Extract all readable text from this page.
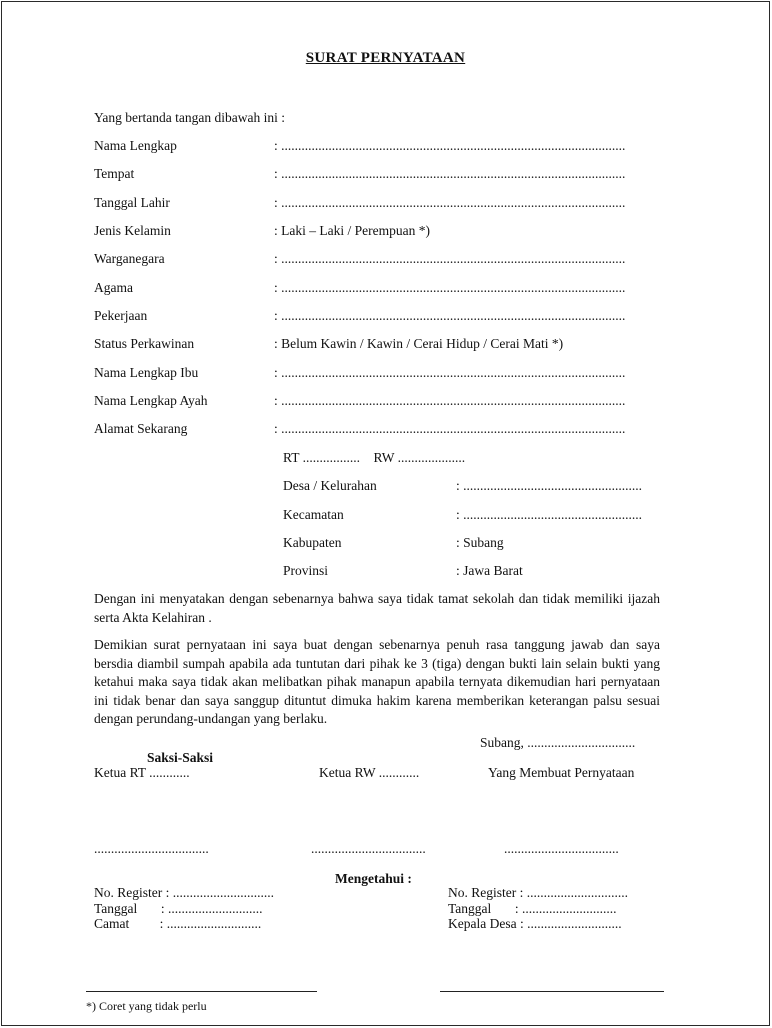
SURAT PERNYATAAN
Yang bertanda tangan dibawah ini :
Nama Lengkap	: ......................................................................................................
Tempat	: ......................................................................................................
Tanggal Lahir	: ......................................................................................................
Jenis Kelamin	: Laki – Laki / Perempuan *)
Warganegara	: ......................................................................................................
Agama	: ......................................................................................................
Pekerjaan	: ......................................................................................................
Status Perkawinan	: Belum Kawin / Kawin / Cerai Hidup / Cerai Mati *)
Nama Lengkap Ibu	: ......................................................................................................
Nama Lengkap Ayah	: ......................................................................................................
Alamat Sekarang	: ......................................................................................................
RT .................    RW ....................
Desa / Kelurahan	: .....................................................
Kecamatan	: .....................................................
Kabupaten	: Subang
Provinsi	: Jawa Barat
Dengan ini menyatakan dengan sebenarnya bahwa saya tidak tamat sekolah dan tidak memiliki ijazah serta Akta Kelahiran .
Demikian surat pernyataan ini saya buat dengan sebenarnya penuh rasa tanggung jawab dan saya bersdia diambil sumpah apabila ada tuntutan dari pihak ke 3 (tiga) dengan bukti lain selain bukti yang ketahui maka saya tidak akan melibatkan pihak manapun apabila ternyata dikemudian hari pernyataan ini tidak benar dan saya sanggup dituntut dimuka hakim karena memberikan keterangan palsu sesuai dengan perundang-undangan yang berlaku.
Subang, ................................
Saksi-Saksi
Ketua RT ............	Ketua RW ............	Yang Membuat Pernyataan
..................................	..................................	..................................
Mengetahui :
No. Register : ..............................
Tanggal       : ............................
Camat         : ............................
No. Register : ..............................
Tanggal       : ............................
Kepala Desa : ............................
*) Coret yang tidak perlu
